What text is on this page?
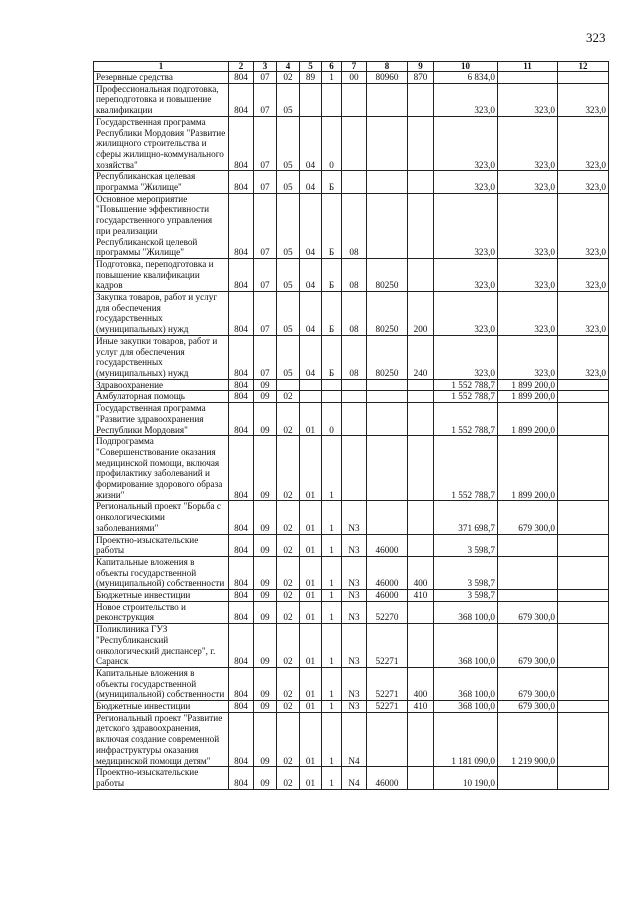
323
1	2	3	4	5	6	7	8	9	10	11	12
Резервные средства	804	07	02	89	1	00	80960	870	6 834,0		
Профессиональная подготовка, переподготовка и повышение квалификации	804	07	05						323,0	323,0	323,0
Государственная программа Республики Мордовия "Развитие жилищного строительства и сферы жилищно-коммунального хозяйства"	804	07	05	04	0				323,0	323,0	323,0
Республиканская целевая программа "Жилище"	804	07	05	04	Б				323,0	323,0	323,0
Основное мероприятие "Повышение эффективности государственного управления при реализации Республиканской целевой программы "Жилище"	804	07	05	04	Б	08			323,0	323,0	323,0
Подготовка, переподготовка и повышение квалификации кадров	804	07	05	04	Б	08	80250		323,0	323,0	323,0
Закупка товаров, работ и услуг для обеспечения государственных (муниципальных) нужд	804	07	05	04	Б	08	80250	200	323,0	323,0	323,0
Иные закупки товаров, работ и услуг для обеспечения государственных (муниципальных) нужд	804	07	05	04	Б	08	80250	240	323,0	323,0	323,0
Здравоохранение	804	09							1 552 788,7	1 899 200,0	
Амбулаторная помощь	804	09	02						1 552 788,7	1 899 200,0	
Государственная программа "Развитие здравоохранения Республики Мордовия"	804	09	02	01	0				1 552 788,7	1 899 200,0	
Подпрограмма "Совершенствование оказания медицинской помощи, включая профилактику заболеваний и формирование здорового образа жизни"	804	09	02	01	1				1 552 788,7	1 899 200,0	
Региональный проект "Борьба с онкологическими заболеваниями"	804	09	02	01	1	N3			371 698,7	679 300,0	
Проектно-изыскательские работы	804	09	02	01	1	N3	46000		3 598,7		
Капитальные вложения в объекты государственной (муниципальной) собственности	804	09	02	01	1	N3	46000	400	3 598,7		
Бюджетные инвестиции	804	09	02	01	1	N3	46000	410	3 598,7		
Новое строительство и реконструкция	804	09	02	01	1	N3	52270		368 100,0	679 300,0	
Поликлиника ГУЗ "Республиканский онкологический диспансер", г. Саранск	804	09	02	01	1	N3	52271		368 100,0	679 300,0	
Капитальные вложения в объекты государственной (муниципальной) собственности	804	09	02	01	1	N3	52271	400	368 100,0	679 300,0	
Бюджетные инвестиции	804	09	02	01	1	N3	52271	410	368 100,0	679 300,0	
Региональный проект "Развитие детского здравоохранения, включая создание современной инфраструктуры оказания медицинской помощи детям"	804	09	02	01	1	N4			1 181 090,0	1 219 900,0	
Проектно-изыскательские работы	804	09	02	01	1	N4	46000		10 190,0		
